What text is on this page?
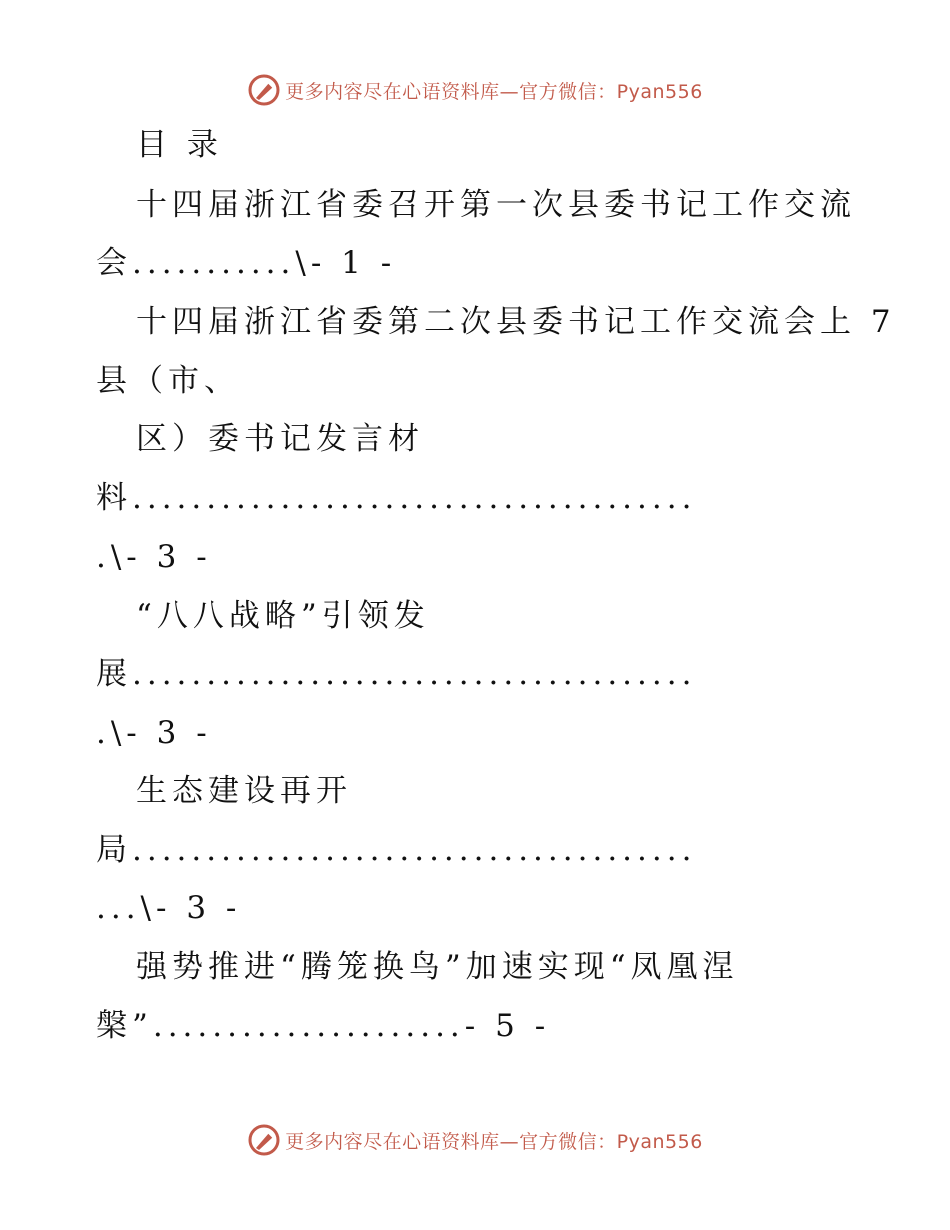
更多内容尽在心语资料库—官方微信：Pyan556
目 录
十四届浙江省委召开第一次县委书记工作交流
会...........\- 1 -
十四届浙江省委第二次县委书记工作交流会上 7
县（市、
区）委书记发言材
料......................................
.\- 3 -
“八八战略”引领发
展......................................
.\- 3 -
生态建设再开
局......................................
...\- 3 -
强势推进“腾笼换鸟”加速实现“凤凰涅
槃”.....................- 5 -
更多内容尽在心语资料库—官方微信：Pyan556
